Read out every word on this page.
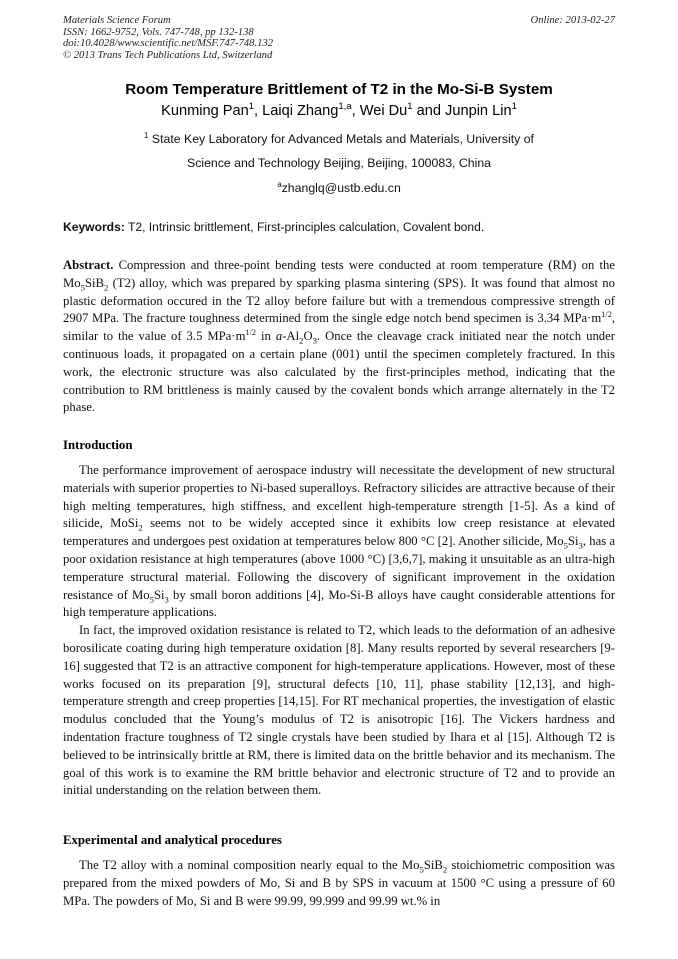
Materials Science Forum
ISSN: 1662-9752, Vols. 747-748, pp 132-138
doi:10.4028/www.scientific.net/MSF.747-748.132
© 2013 Trans Tech Publications Ltd, Switzerland
Online: 2013-02-27
Room Temperature Brittlement of T2 in the Mo-Si-B System
Kunming Pan$^1$, Laiqi Zhang$^{1,a}$, Wei Du$^1$ and Junpin Lin$^1$
$^1$ State Key Laboratory for Advanced Metals and Materials, University of
Science and Technology Beijing, Beijing, 100083, China
$^a$zhanglq@ustb.edu.cn
Keywords: T2, Intrinsic brittlement, First-principles calculation, Covalent bond.

Abstract. Compression and three-point bending tests were conducted at room temperature (RM) on the $Mo_5SiB_2$ (T2) alloy, which was prepared by sparking plasma sintering (SPS). It was found that almost no plastic deformation occured in the T2 alloy before failure but with a tremendous compressive strength of 2907 MPa. The fracture toughness determined from the single edge notch bend specimen is 3.34 $MPa\cdot m^{1/2}$, similar to the value of 3.5 $MPa\cdot m^{1/2}$ in $a-Al_2O_3$. Once the cleavage crack initiated near the notch under continuous loads, it propagated on a certain plane (001) until the specimen completely fractured. In this work, the electronic structure was also calculated by the first-principles method, indicating that the contribution to RM brittleness is mainly caused by the covalent bonds which arrange alternately in the T2 phase.

Introduction

The performance improvement of aerospace industry will necessitate the development of new structural materials with superior properties to Ni-based superalloys. Refractory silicides are attractive because of their high melting temperatures, high stiffness, and excellent high-temperature strength [1-5]. As a kind of silicide, MoSi$_2$ seems not to be widely accepted since it exhibits low creep resistance at elevated temperatures and undergoes pest oxidation at temperatures below 800 °C [2]. Another silicide, $Mo_5Si_3$, has a poor oxidation resistance at high temperatures (above 1000 °C) [3,6,7], making it unsuitable as an ultra-high temperature structural material. Following the discovery of significant improvement in the oxidation resistance of $Mo_5Si_3$ by small boron additions [4], Mo-Si-B alloys have caught considerable attentions for high temperature applications.

In fact, the improved oxidation resistance is related to T2, which leads to the deformation of an adhesive borosilicate coating during high temperature oxidation [8]. Many results reported by several researchers [9-16] suggested that T2 is an attractive component for high-temperature applications. However, most of these works focused on its preparation [9], structural defects [10, 11], phase stability [12,13], and high-temperature strength and creep properties [14,15]. For RT mechanical properties, the investigation of elastic modulus concluded that the Young’s modulus of T2 is anisotropic [16]. The Vickers hardness and indentation fracture toughness of T2 single crystals have been studied by Ihara et al [15]. Although T2 is believed to be intrinsically brittle at RM, there is limited data on the brittle behavior and its mechanism. The goal of this work is to examine the RM brittle behavior and electronic structure of T2 and to provide an initial understanding on the relation between them.

Experimental and analytical procedures

The T2 alloy with a nominal composition nearly equal to the $Mo_5SiB_2$ stoichiometric composition was prepared from the mixed powders of Mo, Si and B by SPS in vacuum at 1500 °C using a pressure of 60 MPa. The powders of Mo, Si and B were 99.99, 99.999 and 99.99 wt.% in
